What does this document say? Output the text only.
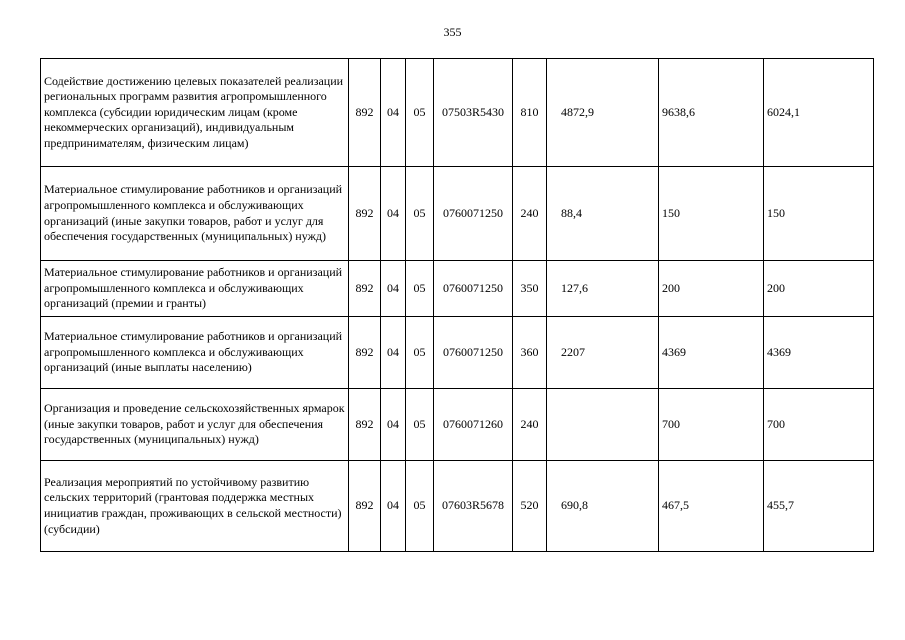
355
Содействие достижению целевых показателей реализации региональных программ развития агропромышленного комплекса (субсидии юридическим лицам (кроме некоммерческих организаций), индивидуальным предпринимателям, физическим лицам)	892	04	05	07503R5430	810	4872,9	9638,6	6024,1
Материальное стимулирование работников и организаций агропромышленного комплекса и обслуживающих организаций (иные закупки товаров, работ и услуг для обеспечения государственных (муниципальных) нужд)	892	04	05	0760071250	240	88,4	150	150
Материальное стимулирование работников и организаций агропромышленного комплекса и обслуживающих организаций (премии и гранты)	892	04	05	0760071250	350	127,6	200	200
Материальное стимулирование работников и организаций агропромышленного комплекса и обслуживающих организаций (иные выплаты населению)	892	04	05	0760071250	360	2207	4369	4369
Организация и проведение сельскохозяйственных ярмарок (иные закупки товаров, работ и услуг для обеспечения государственных (муниципальных) нужд)	892	04	05	0760071260	240		700	700
Реализация мероприятий по устойчивому развитию сельских территорий (грантовая поддержка местных инициатив граждан, проживающих в сельской местности) (субсидии)	892	04	05	07603R5678	520	690,8	467,5	455,7
